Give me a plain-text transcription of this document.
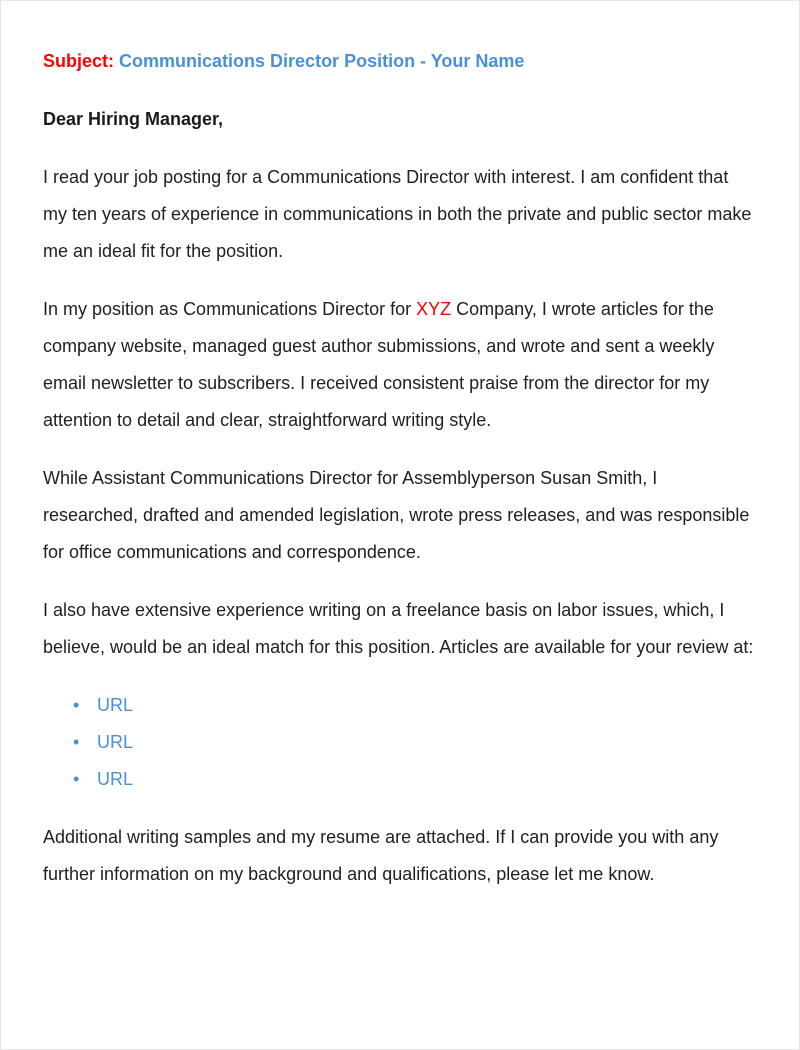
Subject: Communications Director Position - Your Name

Dear Hiring Manager,

I read your job posting for a Communications Director with interest. I am confident that my ten years of experience in communications in both the private and public sector make me an ideal fit for the position.

In my position as Communications Director for XYZ Company, I wrote articles for the company website, managed guest author submissions, and wrote and sent a weekly email newsletter to subscribers. I received consistent praise from the director for my attention to detail and clear, straightforward writing style.

While Assistant Communications Director for Assemblyperson Susan Smith, I researched, drafted and amended legislation, wrote press releases, and was responsible for office communications and correspondence.

I also have extensive experience writing on a freelance basis on labor issues, which, I believe, would be an ideal match for this position. Articles are available for your review at:

• URL
• URL
• URL

Additional writing samples and my resume are attached. If I can provide you with any further information on my background and qualifications, please let me know.
